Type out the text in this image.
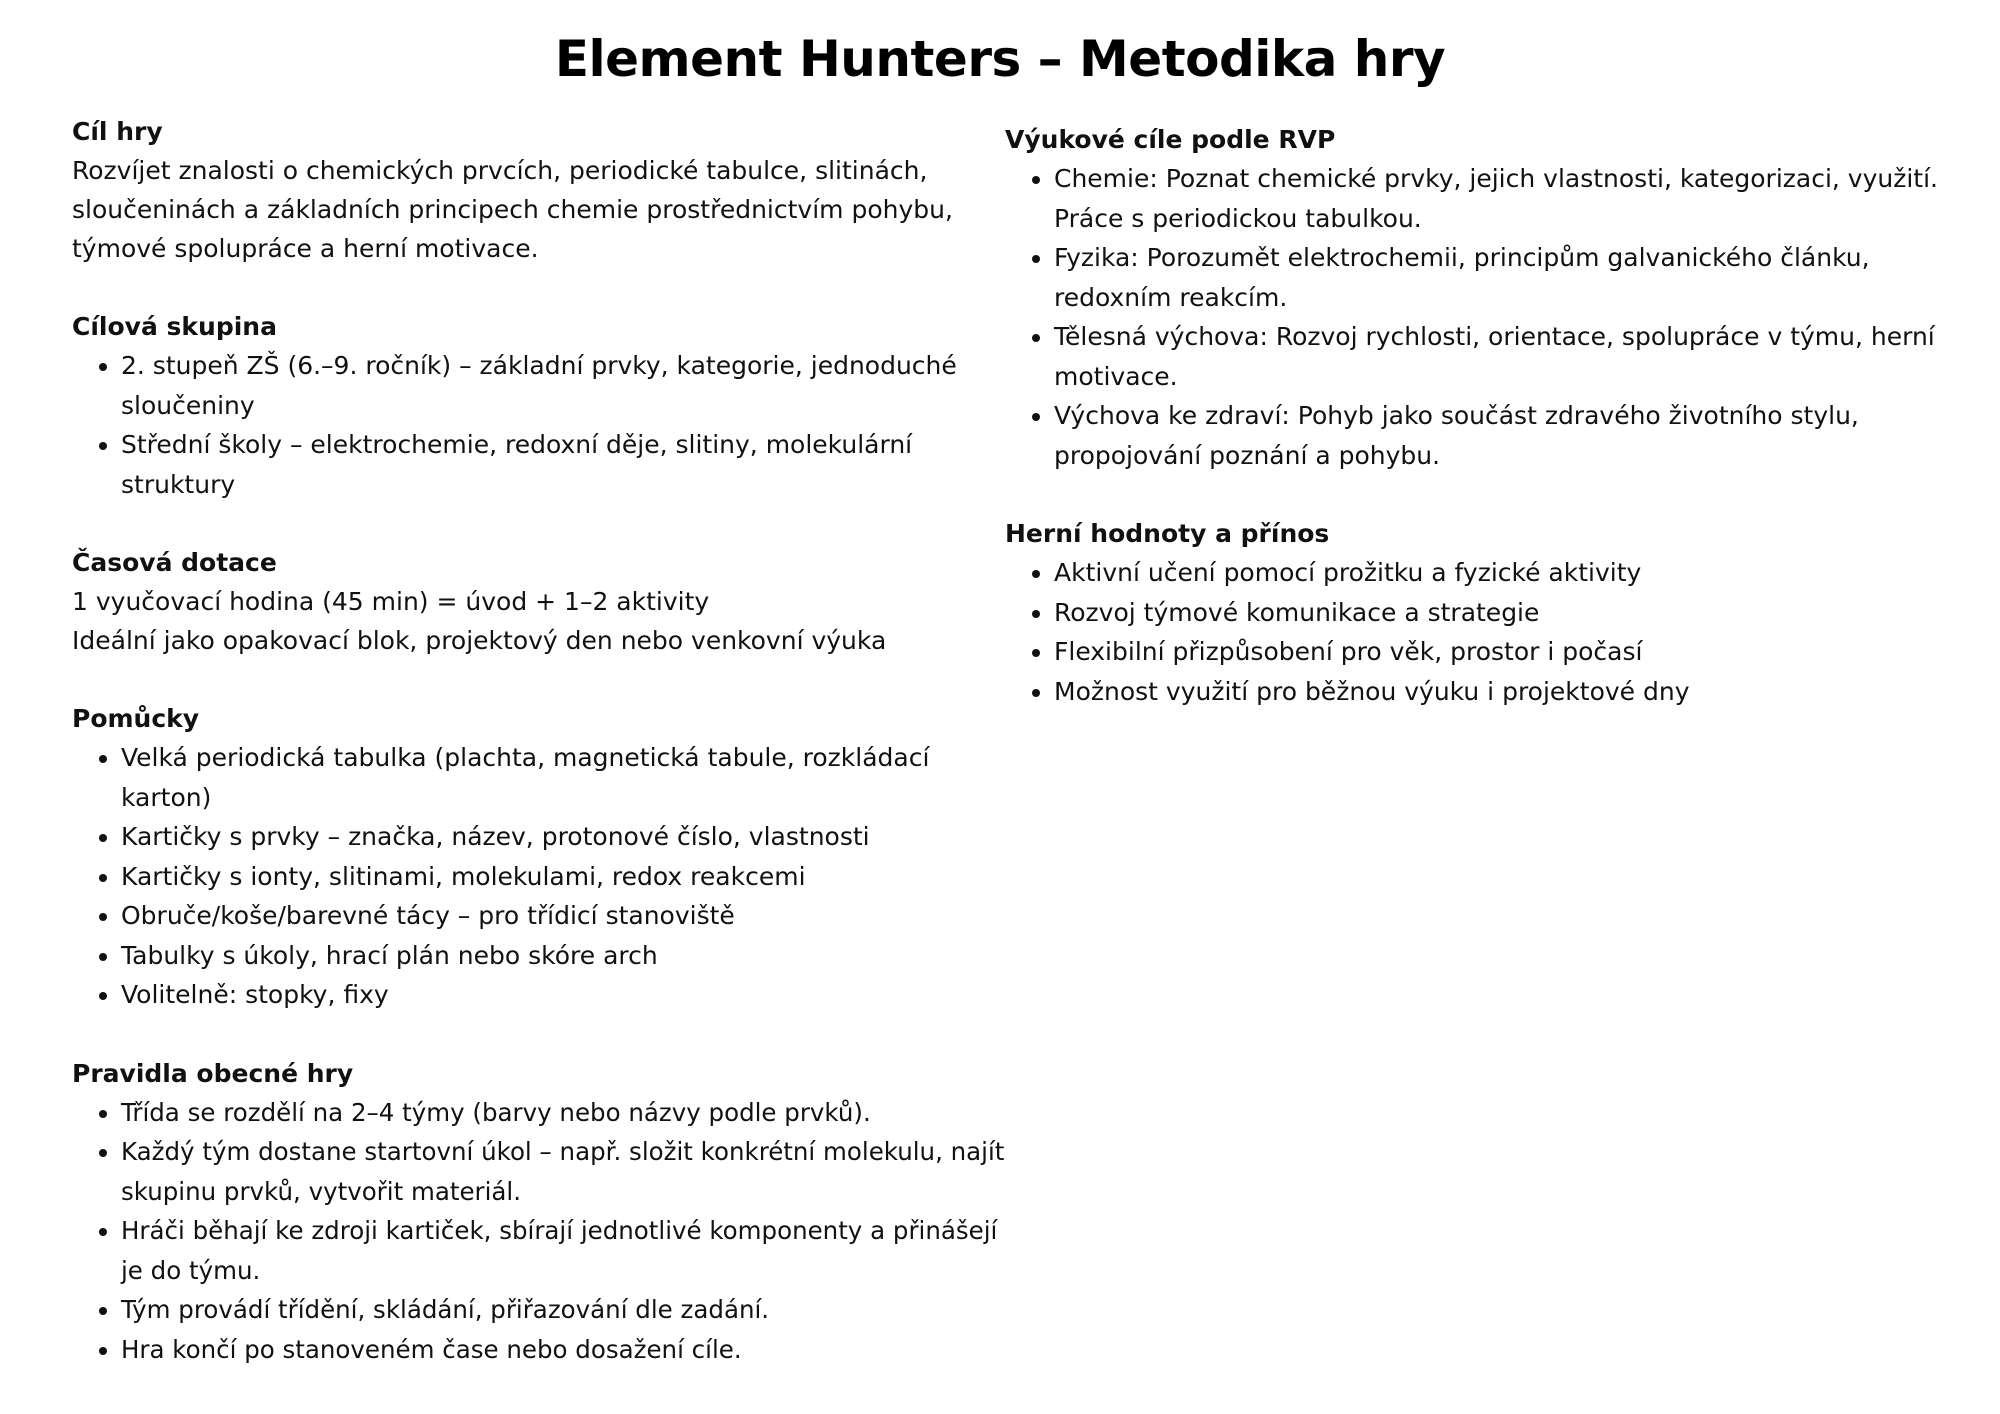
Element Hunters – Metodika hry
Cíl hry

Rozvíjet znalosti o chemických prvcích, periodické tabulce, slitinách, sloučeninách a základních principech chemie prostřednictvím pohybu, týmové spolupráce a herní motivace.

Cílová skupina
• 2. stupeň ZŠ (6.–9. ročník) – základní prvky, kategorie, jednoduché sloučeniny
• Střední školy – elektrochemie, redoxní děje, slitiny, molekulární struktury
Časová dotace

1 vyučovací hodina (45 min) = úvod + 1–2 aktivity

Ideální jako opakovací blok, projektový den nebo venkovní výuka

Pomůcky
• Velká periodická tabulka (plachta, magnetická tabule, rozkládací karton)
• Kartičky s prvky – značka, název, protonové číslo, vlastnosti
• Kartičky s ionty, slitinami, molekulami, redox reakcemi
• Obruče/koše/barevné tácy – pro třídicí stanoviště
• Tabulky s úkoly, hrací plán nebo skóre arch
• Volitelně: stopky, fixy
Pravidla obecné hry
• Třída se rozdělí na 2–4 týmy (barvy nebo názvy podle prvků).
• Každý tým dostane startovní úkol – např. složit konkrétní molekulu, najít skupinu prvků, vytvořit materiál.
• Hráči běhají ke zdroji kartiček, sbírají jednotlivé komponenty a přinášejí je do týmu.
• Tým provádí třídění, skládání, přiřazování dle zadání.
• Hra končí po stanoveném čase nebo dosažení cíle.
Výukové cíle podle RVP
• Chemie: Poznat chemické prvky, jejich vlastnosti, kategorizaci, využití. Práce s periodickou tabulkou.
• Fyzika: Porozumět elektrochemii, principům galvanického článku, redoxním reakcím.
• Tělesná výchova: Rozvoj rychlosti, orientace, spolupráce v týmu, herní motivace.
• Výchova ke zdraví: Pohyb jako součást zdravého životního stylu, propojování poznání a pohybu.
Herní hodnoty a přínos
• Aktivní učení pomocí prožitku a fyzické aktivity
• Rozvoj týmové komunikace a strategie
• Flexibilní přizpůsobení pro věk, prostor i počasí
• Možnost využití pro běžnou výuku i projektové dny
